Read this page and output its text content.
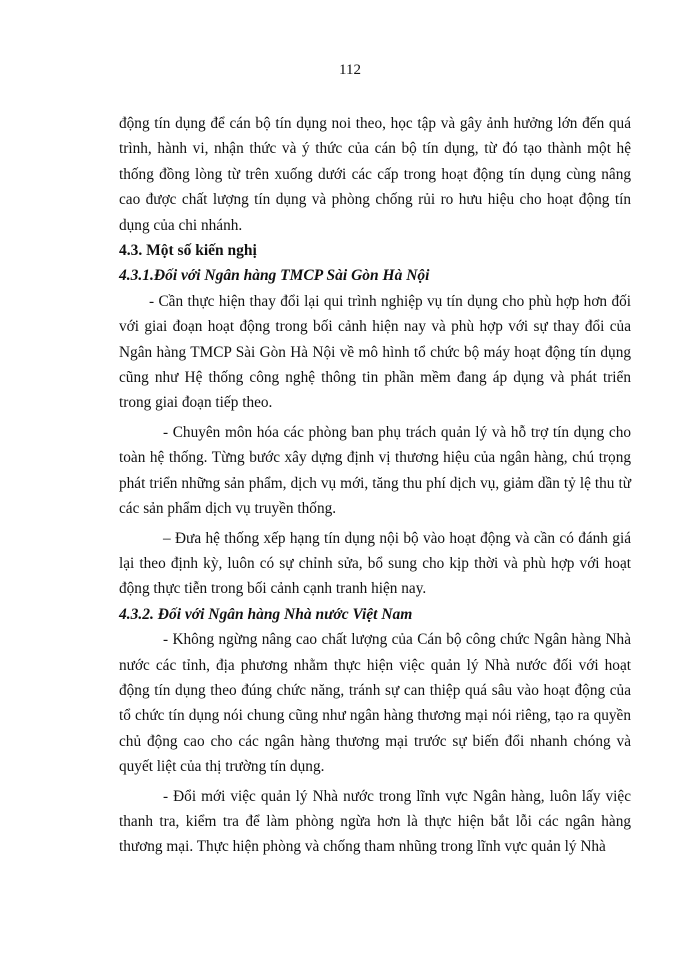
112

động tín dụng để cán bộ tín dụng noi theo, học tập và gây ảnh hưởng lớn đến quá trình, hành vi, nhận thức và ý thức của cán bộ tín dụng, từ đó tạo thành một hệ thống đồng lòng từ trên xuống dưới các cấp trong hoạt động tín dụng cùng nâng cao được chất lượng tín dụng và phòng chống rủi ro hưu hiệu cho hoạt động tín dụng của chi nhánh.

4.3. Một số kiến nghị
4.3.1.Đối với Ngân hàng TMCP Sài Gòn Hà Nội

- Cần thực hiện thay đổi lại qui trình nghiệp vụ tín dụng cho phù hợp hơn đối với giai đoạn hoạt động trong bối cảnh hiện nay và phù hợp với sự thay đổi của Ngân hàng TMCP Sài Gòn Hà Nội về mô hình tổ chức bộ máy hoạt động tín dụng cũng như Hệ thống công nghệ thông tin phần mềm đang áp dụng và phát triển trong giai đoạn tiếp theo.

- Chuyên môn hóa các phòng ban phụ trách quản lý và hỗ trợ tín dụng cho toàn hệ thống. Từng bước xây dựng định vị thương hiệu của ngân hàng, chú trọng phát triển những sản phẩm, dịch vụ mới, tăng thu phí dịch vụ, giảm dần tỷ lệ thu từ các sản phẩm dịch vụ truyền thống.

– Đưa hệ thống xếp hạng tín dụng nội bộ vào hoạt động và cần có đánh giá lại theo định kỳ, luôn có sự chỉnh sửa, bổ sung cho kịp thời và phù hợp với hoạt động thực tiễn trong bối cảnh cạnh tranh hiện nay.

4.3.2. Đối với Ngân hàng Nhà nước Việt Nam

- Không ngừng nâng cao chất lượng của Cán bộ công chức Ngân hàng Nhà nước các tỉnh, địa phương nhằm thực hiện việc quản lý Nhà nước đối với hoạt động tín dụng theo đúng chức năng, tránh sự can thiệp quá sâu vào hoạt động của tổ chức tín dụng nói chung cũng như ngân hàng thương mại nói riêng, tạo ra quyền chủ động cao cho các ngân hàng thương mại trước sự biến đổi nhanh chóng và quyết liệt của thị trường tín dụng.

- Đổi mới việc quản lý Nhà nước trong lĩnh vực Ngân hàng, luôn lấy việc thanh tra, kiểm tra để làm phòng ngừa hơn là thực hiện bắt lỗi các ngân hàng thương mại. Thực hiện phòng và chống tham nhũng trong lĩnh vực quản lý Nhà
